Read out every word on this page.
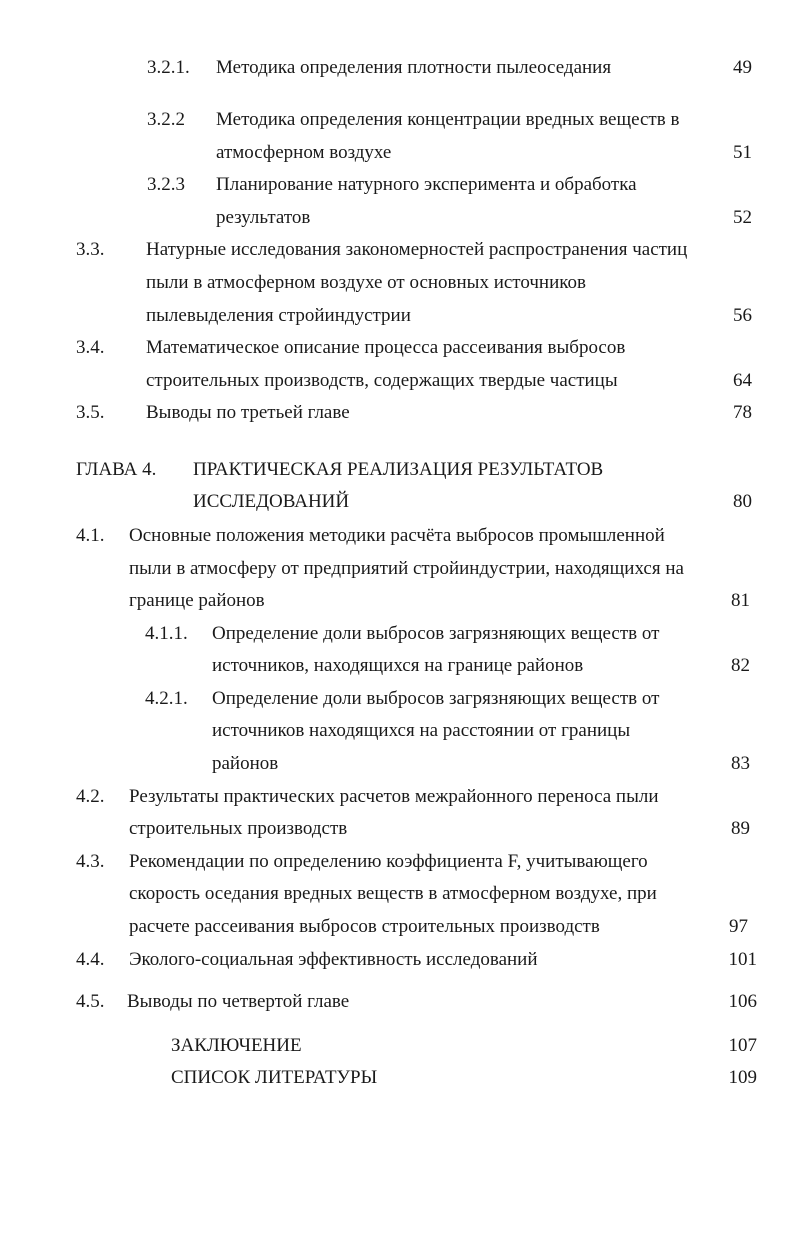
3.2.1. Методика определения плотности пылеоседания	49
3.2.2 Методика определения концентрации вредных веществ в
атмосферном воздухе	51
3.2.3 Планирование натурного эксперимента и обработка
результатов	52
3.3. Натурные исследования закономерностей распространения частиц
пыли в атмосферном воздухе от основных источников
пылевыделения стройиндустрии	56
3.4. Математическое описание процесса рассеивания выбросов
строительных производств, содержащих твердые частицы	64
3.5. Выводы по третьей главе	78
ГЛАВА 4. ПРАКТИЧЕСКАЯ РЕАЛИЗАЦИЯ РЕЗУЛЬТАТОВ
ИССЛЕДОВАНИЙ	80
4.1. Основные положения методики расчёта выбросов промышленной
пыли в атмосферу от предприятий стройиндустрии, находящихся на
границе районов	81
4.1.1. Определение доли выбросов загрязняющих веществ от
источников, находящихся на границе районов	82
4.2.1. Определение доли выбросов загрязняющих веществ от
источников находящихся на расстоянии от границы
районов	83
4.2. Результаты практических расчетов межрайонного переноса пыли
строительных производств	89
4.3. Рекомендации по определению коэффициента F, учитывающего
скорость оседания вредных веществ в атмосферном воздухе, при
расчете рассеивания выбросов строительных производств	97
4.4. Эколого-социальная эффективность исследований	101
4.5. Выводы по четвертой главе	106
ЗАКЛЮЧЕНИЕ	107
СПИСОК ЛИТЕРАТУРЫ	109
